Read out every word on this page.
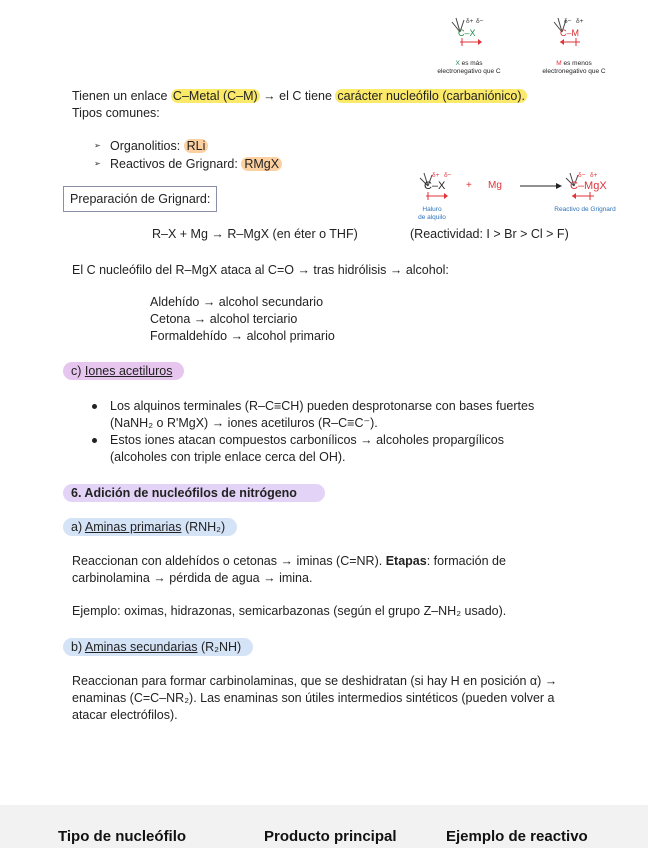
δ+ δ−
C–X
X es más
electronegativo que C
δ− δ+
C–M
M es menos
electronegativo que C
Tienen un enlace C–Metal (C–M) → el C tiene carácter nucleófilo (carbaniónico).
Tipos comunes:
➢ Organolitios: RLi
➢ Reactivos de Grignard: RMgX
Preparación de Grignard:
δ+ δ−
C–X + Mg
δ− δ+
C–MgX
Haluro
de alquilo
Reactivo de Grignard
R–X + Mg → R–MgX (en éter o THF)	(Reactividad: I > Br > Cl > F)
El C nucleófilo del R–MgX ataca al C=O → tras hidrólisis → alcohol:
Aldehído → alcohol secundario
Cetona → alcohol terciario
Formaldehído → alcohol primario
c) Iones acetiluros
Los alquinos terminales (R–C≡CH) pueden desprotonarse con bases fuertes
(NaNH₂ o R'MgX) → iones acetiluros (R–C≡C⁻).
Estos iones atacan compuestos carbonílicos → alcoholes propargílicos
(alcoholes con triple enlace cerca del OH).
6. Adición de nucleófilos de nitrógeno
a) Aminas primarias (RNH₂)
Reaccionan con aldehídos o cetonas → iminas (C=NR). Etapas: formación de
carbinolamina → pérdida de agua → imina.
Ejemplo: oximas, hidrazonas, semicarbazonas (según el grupo Z–NH₂ usado).
b) Aminas secundarias (R₂NH)
Reaccionan para formar carbinolaminas, que se deshidratan (si hay H en posición α) →
enaminas (C=C–NR₂). Las enaminas son útiles intermedios sintéticos (pueden volver a
atacar electrófilos).
Tipo de nucleófilo	Producto principal	Ejemplo de reactivo
